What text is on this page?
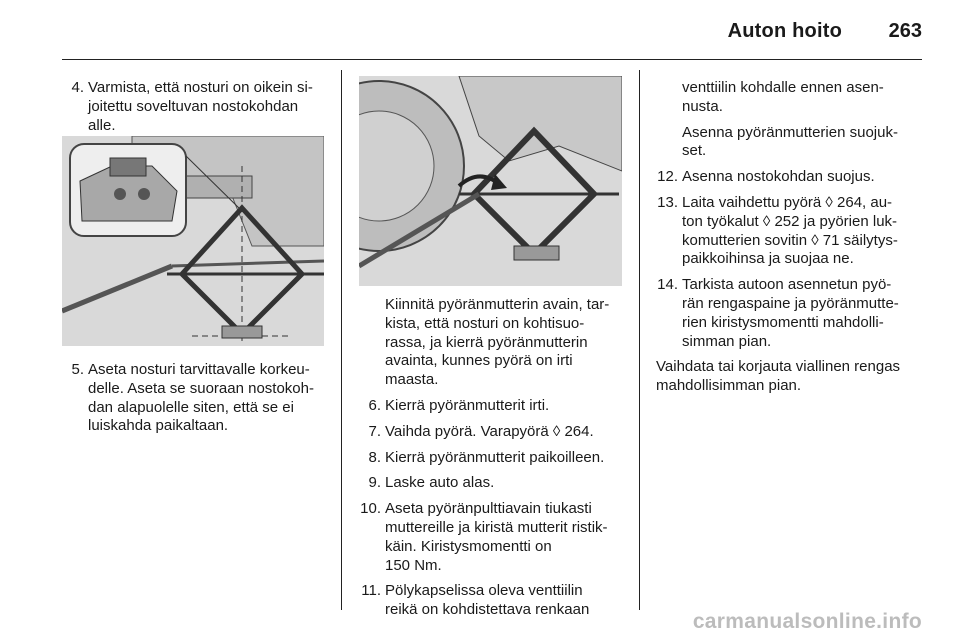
Auton hoito 263
4. Varmista, että nosturi on oikein si-
joitettu soveltuvan nostokohdan
alle.
5. Aseta nosturi tarvittavalle korkeu-
delle. Aseta se suoraan nostokoh-
dan alapuolelle siten, että se ei
luiskahda paikaltaan.
Kiinnitä pyöränmutterin avain, tar-
kista, että nosturi on kohtisuo-
rassa, ja kierrä pyöränmutterin
avainta, kunnes pyörä on irti
maasta.
6. Kierrä pyöränmutterit irti.
7. Vaihda pyörä. Varapyörä ◊ 264.
8. Kierrä pyöränmutterit paikoilleen.
9. Laske auto alas.
10. Aseta pyöränpulttiavain tiukasti
muttereille ja kiristä mutterit ristik-
käin. Kiristysmomentti on
150 Nm.
11. Pölykapselissa oleva venttiilin
reikä on kohdistettava renkaan
venttiilin kohdalle ennen asen-
nusta.
Asenna pyöränmutterien suojuk-
set.
12. Asenna nostokohdan suojus.
13. Laita vaihdettu pyörä ◊ 264, au-
ton työkalut ◊ 252 ja pyörien luk-
komutterien sovitin ◊ 71 säilytys-
paikkoihinsa ja suojaa ne.
14. Tarkista autoon asennetun pyö-
rän rengaspaine ja pyöränmutte-
rien kiristysmomentti mahdolli-
simman pian.
Vaihdata tai korjauta viallinen rengas
mahdollisimman pian.
carmanualsonline.info
